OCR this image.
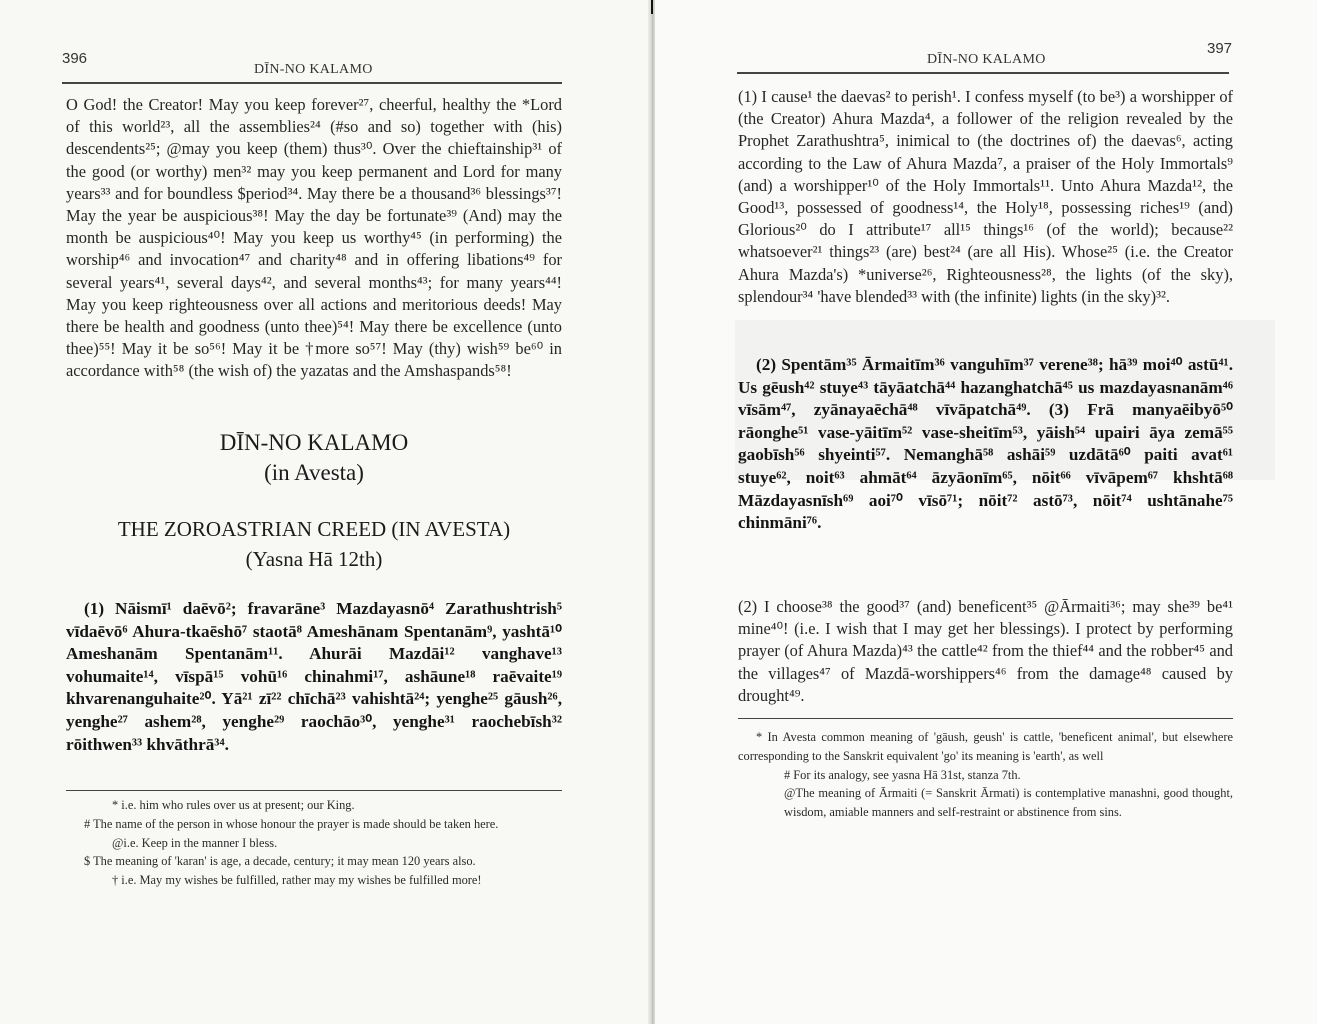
396
DĪN-NO KALAMO

O God! the Creator! May you keep forever²⁷, cheerful, healthy the *Lord of this world²³, all the assemblies²⁴ (#so and so) together with (his) descendents²⁵; @may you keep (them) thus³⁰. Over the chieftainship³¹ of the good (or worthy) men³² may you keep permanent and Lord for many years³³ and for boundless $period³⁴. May there be a thousand³⁶ blessings³⁷! May the year be auspicious³⁸! May the day be fortunate³⁹ (And) may the month be auspicious⁴⁰! May you keep us worthy⁴⁵ (in performing) the worship⁴⁶ and invocation⁴⁷ and charity⁴⁸ and in offering libations⁴⁹ for several years⁴¹, several days⁴², and several months⁴³; for many years⁴⁴! May you keep righteousness over all actions and meritorious deeds! May there be health and goodness (unto thee)⁵⁴! May there be excellence (unto thee)⁵⁵! May it be so⁵⁶! May it be †more so⁵⁷! May (thy) wish⁵⁹ be⁶⁰ in accordance with⁵⁸ (the wish of) the yazatas and the Amshaspands⁵⁸!

DĪN-NO KALAMO
(in Avesta)
THE ZOROASTRIAN CREED (IN AVESTA)
(Yasna Hā 12th)

(1) Nāismī¹ daēvō²; fravarāne³ Mazdayasnō⁴ Zarathushtrish⁵ vīdaēvō⁶ Ahura-tkaēshō⁷ staotā⁸ Ameshānam Spentanām⁹, yashtā¹⁰ Ameshanām Spentanām¹¹. Ahurāi Mazdāi¹² vanghave¹³ vohumaite¹⁴, vīspā¹⁵ vohū¹⁶ chinahmi¹⁷, ashāune¹⁸ raēvaite¹⁹ khvarenanguhaite²⁰. Yā²¹ zī²² chīchā²³ vahishtā²⁴; yenghe²⁵ gāush²⁶, yenghe²⁷ ashem²⁸, yenghe²⁹ raochāo³⁰, yenghe³¹ raochebīsh³² rōithwen³³ khvāthrā³⁴.

* i.e. him who rules over us at present; our King.

# The name of the person in whose honour the prayer is made should be taken here.

@i.e. Keep in the manner I bless.

$ The meaning of 'karan' is age, a decade, century; it may mean 120 years also.

† i.e. May my wishes be fulfilled, rather may my wishes be fulfilled more!

397
DĪN-NO KALAMO

(1) I cause¹ the daevas² to perish¹. I confess myself (to be³) a worshipper of (the Creator) Ahura Mazda⁴, a follower of the religion revealed by the Prophet Zarathushtra⁵, inimical to (the doctrines of) the daevas⁶, acting according to the Law of Ahura Mazda⁷, a praiser of the Holy Immortals⁹ (and) a worshipper¹⁰ of the Holy Immortals¹¹. Unto Ahura Mazda¹², the Good¹³, possessed of goodness¹⁴, the Holy¹⁸, possessing riches¹⁹ (and) Glorious²⁰ do I attribute¹⁷ all¹⁵ things¹⁶ (of the world); because²² whatsoever²¹ things²³ (are) best²⁴ (are all His). Whose²⁵ (i.e. the Creator Ahura Mazda's) *universe²⁶, Righteousness²⁸, the lights (of the sky), splendour³⁴ 'have blended³³ with (the infinite) lights (in the sky)³².

(2) Spentām³⁵ Ārmaitīm³⁶ vanguhīm³⁷ verene³⁸; hā³⁹ moi⁴⁰ astū⁴¹. Us gēush⁴² stuye⁴³ tāyāatchā⁴⁴ hazanghatchā⁴⁵ us mazdayasnanām⁴⁶ vīsām⁴⁷, zyānayaēchā⁴⁸ vīvāpatchā⁴⁹. (3) Frā manyaēibyō⁵⁰ rāonghe⁵¹ vase-yāitīm⁵² vase-sheitīm⁵³, yāish⁵⁴ upairi āya zemā⁵⁵ gaobīsh⁵⁶ shyeinti⁵⁷. Nemanghā⁵⁸ ashāi⁵⁹ uzdātā⁶⁰ paiti avat⁶¹ stuye⁶², noit⁶³ ahmāt⁶⁴ āzyāonīm⁶⁵, nōit⁶⁶ vīvāpem⁶⁷ khshtā⁶⁸ Māzdayasnīsh⁶⁹ aoi⁷⁰ vīsō⁷¹; nōit⁷² astō⁷³, nōit⁷⁴ ushtānahe⁷⁵ chinmāni⁷⁶.

(2) I choose³⁸ the good³⁷ (and) beneficent³⁵ @Ārmaiti³⁶; may she³⁹ be⁴¹ mine⁴⁰! (i.e. I wish that I may get her blessings). I protect by performing prayer (of Ahura Mazda)⁴³ the cattle⁴² from the thief⁴⁴ and the robber⁴⁵ and the villages⁴⁷ of Mazdā-worshippers⁴⁶ from the damage⁴⁸ caused by drought⁴⁹.

* In Avesta common meaning of 'gāush, geush' is cattle, 'beneficent animal', but elsewhere corresponding to the Sanskrit equivalent 'go' its meaning is 'earth', as well

# For its analogy, see yasna Hā 31st, stanza 7th.

@The meaning of Ārmaiti (= Sanskrit Ārmati) is contemplative manashni, good thought, wisdom, amiable manners and self-restraint or abstinence from sins.
